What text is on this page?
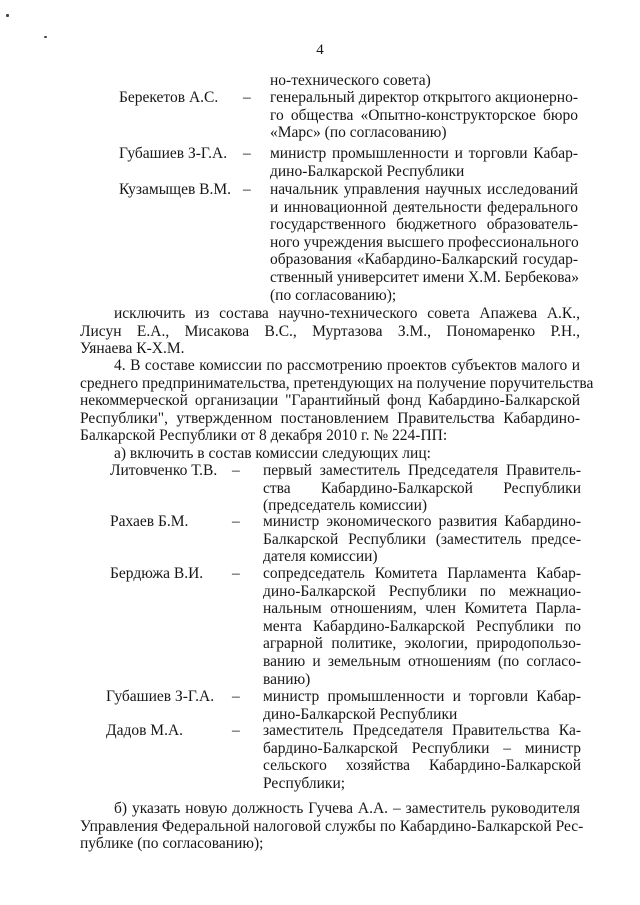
4
но-технического совета)
Берекетов А.С. – генеральный директор открытого акционерно-
го общества «Опытно-конструкторское бюро
«Марс» (по согласованию)
Губашиев З-Г.А. – министр промышленности и торговли Кабар-
дино-Балкарской Республики
Кузамыщев В.М. – начальник управления научных исследований
и инновационной деятельности федерального
государственного бюджетного образователь-
ного учреждения высшего профессионального
образования «Кабардино-Балкарский государ-
ственный университет имени Х.М. Бербекова»
(по согласованию);
исключить из состава научно-технического совета Апажева А.К.,
Лисун Е.А., Мисакова В.С., Муртазова З.М., Пономаренко Р.Н.,
Уянаева К-Х.М.
4. В составе комиссии по рассмотрению проектов субъектов малого и
среднего предпринимательства, претендующих на получение поручительства
некоммерческой организации "Гарантийный фонд Кабардино-Балкарской
Республики", утвержденном постановлением Правительства Кабардино-
Балкарской Республики от 8 декабря 2010 г. № 224-ПП:
а) включить в состав комиссии следующих лиц:
Литовченко Т.В. – первый заместитель Председателя Правитель-
ства Кабардино-Балкарской Республики
(председатель комиссии)
Рахаев Б.М.	– министр экономического развития Кабардино-
Балкарской Республики (заместитель предсе-
дателя комиссии)
Бердюжа В.И. – сопредседатель Комитета Парламента Кабар-
дино-Балкарской Республики по межнацио-
нальным отношениям, член Комитета Парла-
мента Кабардино-Балкарской Республики по
аграрной политике, экологии, природопользо-
ванию и земельным отношениям (по согласо-
ванию)
Губашиев З-Г.А. – министр промышленности и торговли Кабар-
дино-Балкарской Республики
Дадов М.А.	– заместитель Председателя Правительства Ка-
бардино-Балкарской Республики – министр
сельского хозяйства Кабардино-Балкарской
Республики;
б) указать новую должность Гучева А.А. – заместитель руководителя
Управления Федеральной налоговой службы по Кабардино-Балкарской Рес-
публике (по согласованию);
